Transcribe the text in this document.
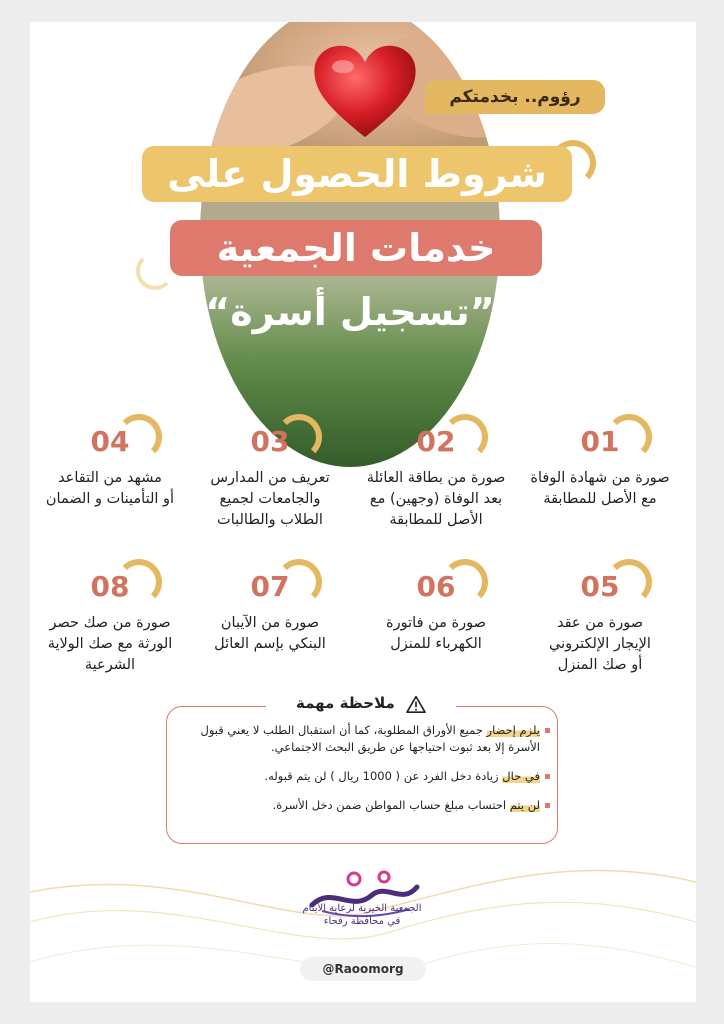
رؤوم.. بخدمتكم
شروط الحصول على
خدمات الجمعية
”تسجيل أسرة“
01
صورة من شهادة الوفاة
مع الأصل للمطابقة
02
صورة من بطاقة العائلة
بعد الوفاة (وجهين) مع
الأصل للمطابقة
03
تعريف من المدارس
والجامعات لجميع
الطلاب والطالبات
04
مشهد من التقاعد
أو التأمينات و الضمان
05
صورة من عقد
الإيجار الإلكتروني
أو صك المنزل
06
صورة من فاتورة
الكهرباء للمنزل
07
صورة من الآيبان
البنكي بإسم العائل
08
صورة من صك حصر
الورثة مع صك الولاية
الشرعية
ملاحظة مهمة
يلزم إحضار جميع الأوراق المطلوبة، كما أن استقبال الطلب لا يعني قبول الأسرة إلا بعد ثبوت احتياجها عن طريق البحث الاجتماعي.
في حال زيادة دخل الفرد عن ( 1000 ريال ) لن يتم قبوله.
لن يتم احتساب مبلغ حساب المواطن ضمن دخل الأسرة.
الجمعية الخيرية لرعاية الأيتام
في محافظة رفحاء
@Raoomorg
